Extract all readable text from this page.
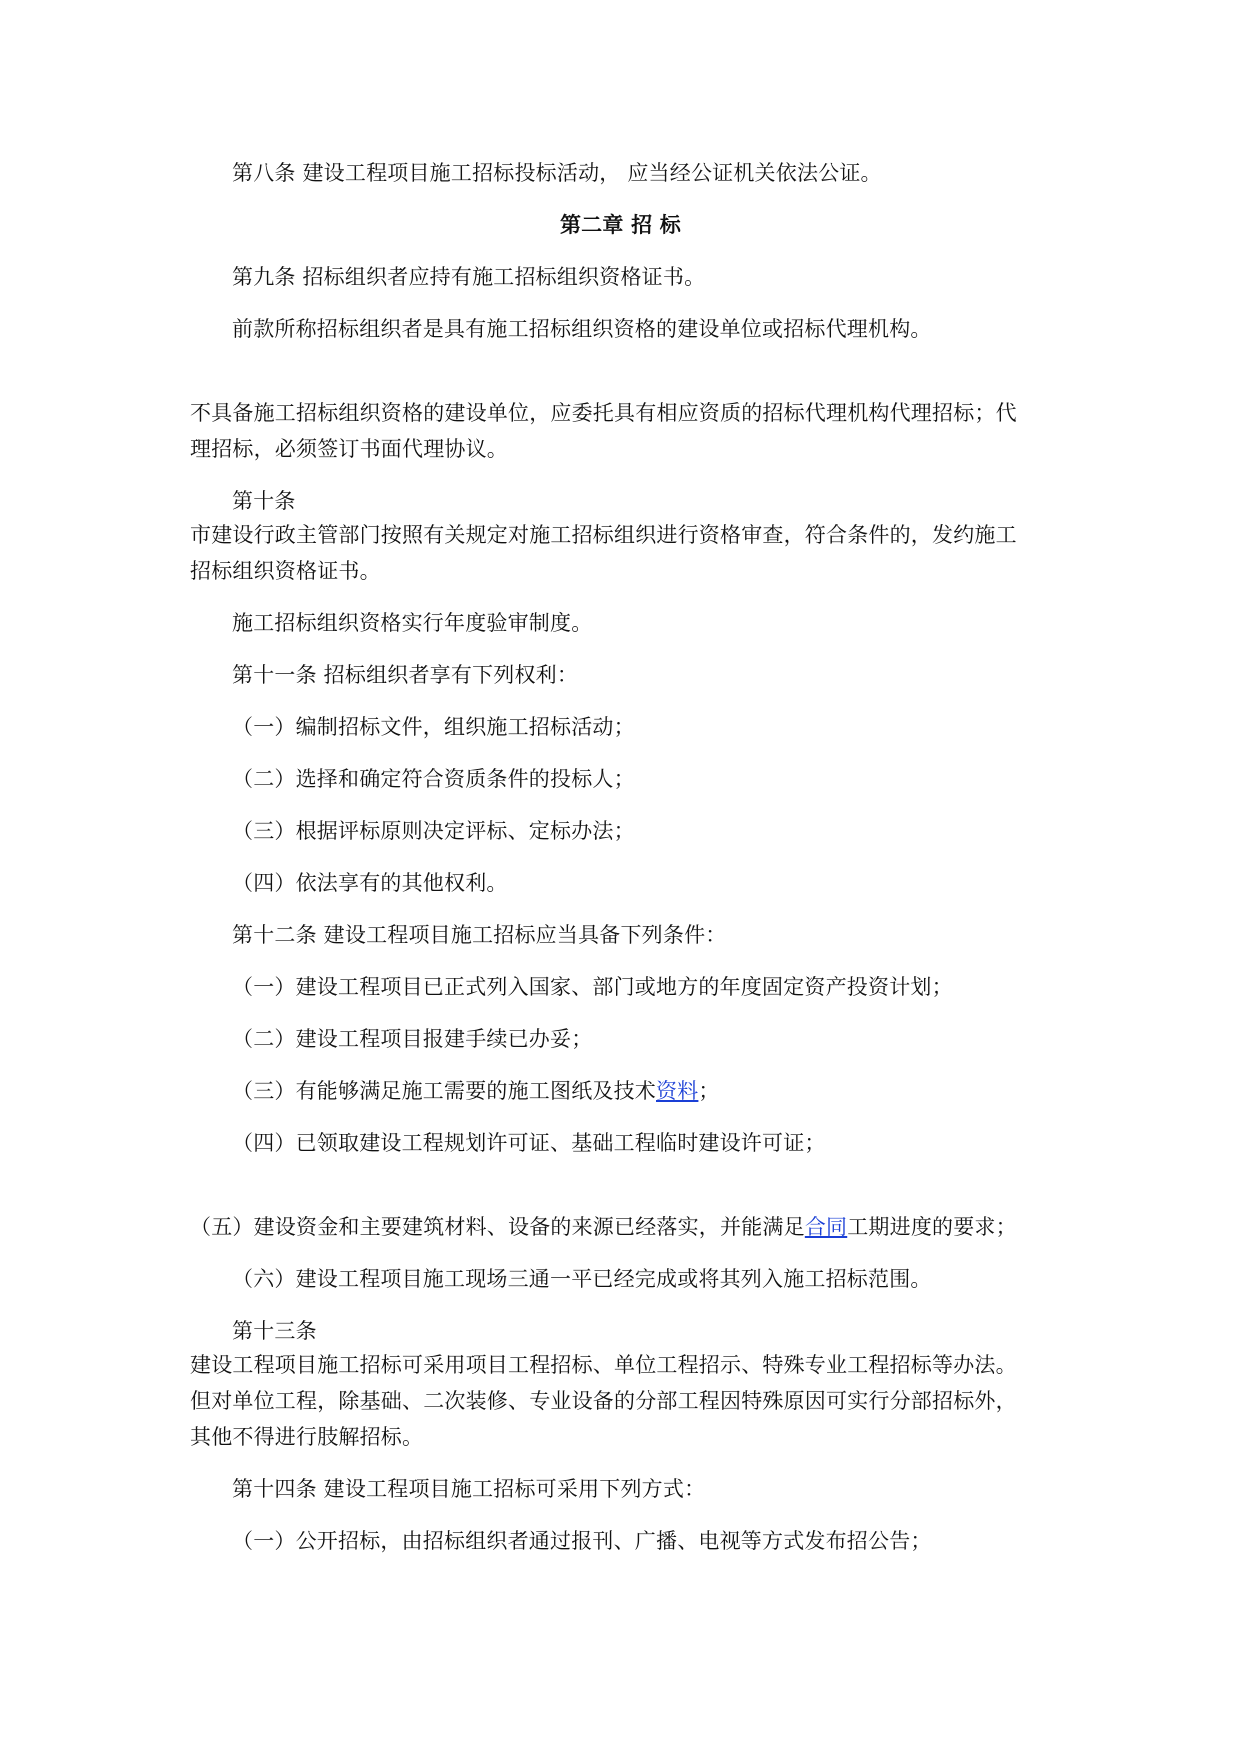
第八条 建设工程项目施工招标投标活动， 应当经公证机关依法公证。
第二章 招 标
第九条 招标组织者应持有施工招标组织资格证书。
前款所称招标组织者是具有施工招标组织资格的建设单位或招标代理机构。
不具备施工招标组织资格的建设单位，应委托具有相应资质的招标代理机构代理招标；代
理招标，必须签订书面代理协议。
第十条
市建设行政主管部门按照有关规定对施工招标组织进行资格审查，符合条件的，发约施工
招标组织资格证书。
施工招标组织资格实行年度验审制度。
第十一条 招标组织者享有下列权利：
（一）编制招标文件，组织施工招标活动；
（二）选择和确定符合资质条件的投标人；
（三）根据评标原则决定评标、定标办法；
（四）依法享有的其他权利。
第十二条 建设工程项目施工招标应当具备下列条件：
（一）建设工程项目已正式列入国家、部门或地方的年度固定资产投资计划；
（二）建设工程项目报建手续已办妥；
（三）有能够满足施工需要的施工图纸及技术资料；
（四）已领取建设工程规划许可证、基础工程临时建设许可证；
（五）建设资金和主要建筑材料、设备的来源已经落实，并能满足合同工期进度的要求；
（六）建设工程项目施工现场三通一平已经完成或将其列入施工招标范围。
第十三条
建设工程项目施工招标可采用项目工程招标、单位工程招示、特殊专业工程招标等办法。
但对单位工程，除基础、二次装修、专业设备的分部工程因特殊原因可实行分部招标外，
其他不得进行肢解招标。
第十四条 建设工程项目施工招标可采用下列方式：
（一）公开招标，由招标组织者通过报刊、广播、电视等方式发布招公告；
